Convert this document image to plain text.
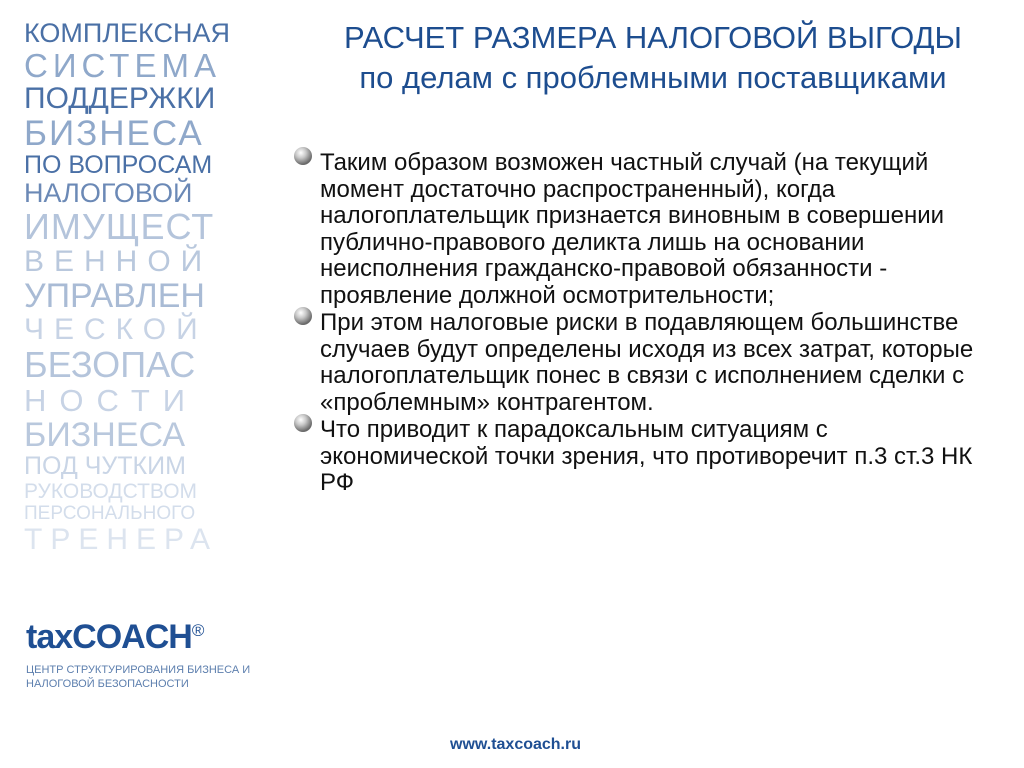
КОМПЛЕКСНАЯ
СИСТЕМА
ПОДДЕРЖКИ
БИЗНЕСА
ПО ВОПРОСАМ
НАЛОГОВОЙ
ИМУЩЕСТ
ВЕННОЙ
УПРАВЛЕН
ЧЕСКОЙ
БЕЗОПАС
НОСТИ
БИЗНЕСА
ПОД ЧУТКИМ
РУКОВОДСТВОМ
ПЕРСОНАЛЬНОГО
ТРЕНЕРА
РАСЧЕТ РАЗМЕРА НАЛОГОВОЙ ВЫГОДЫ
по делам с проблемными поставщиками
Таким образом возможен частный случай (на текущий момент достаточно распространенный), когда налогоплательщик признается виновным в совершении публично-правового деликта лишь на основании неисполнения гражданско-правовой обязанности - проявление должной осмотрительности;
При этом налоговые риски в подавляющем большинстве случаев будут определены исходя из всех затрат, которые налогоплательщик понес в связи с исполнением сделки с «проблемным» контрагентом.
Что приводит к парадоксальным ситуациям с экономической точки зрения, что противоречит п.3 ст.3 НК РФ
taxCOACH®
ЦЕНТР СТРУКТУРИРОВАНИЯ БИЗНЕСА И
НАЛОГОВОЙ БЕЗОПАСНОСТИ
www.taxcoach.ru
